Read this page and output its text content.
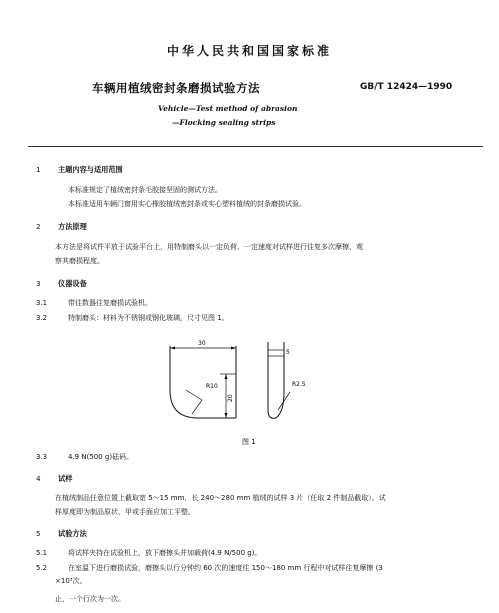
中华人民共和国国家标准
车辆用植绒密封条磨损试验方法	GB/T 12424—1990
Vehicle—Test method of abrasion
—Flocking sealing strips
1 主题内容与适用范围
本标准规定了植绒密封条毛胶接坚固的测试方法。
本标准适用车辆门窗用实心橡胶植绒密封条或实心塑料植绒的封条磨损试验。
2 方法原理
本方法是将试件平放于试验平台上，用特制磨头以一定负荷、一定速度对试样进行往复多次摩擦，观
察其磨损程度。
3 仪器设备
3.1	带往数器往复磨损试验机。
3.2	特制磨头：材料为不锈钢或钢化玻璃，尺寸见图 1。
30
20
R10
5
R2.5
图 1
3.3	4.9 N(500 g)砝码。
4 试样
在植绒制品任意位置上截取宽 5～15 mm，长 240～280 mm 植绒的试样 3 片（任取 2 件制品截取）。试
样厚度即为制品原状，甲或手面应加工平整。
5 试验方法
5.1	将试样夹持在试验机上，放下磨擦头并加载荷(4.9 N/500 g)。
5.2	在室温下进行磨损试验，磨擦头以行分钟约 60 次的速度往 150～180 mm 行程中对试样往复摩擦 (3
×10³次。
止，一个行次为一次。
